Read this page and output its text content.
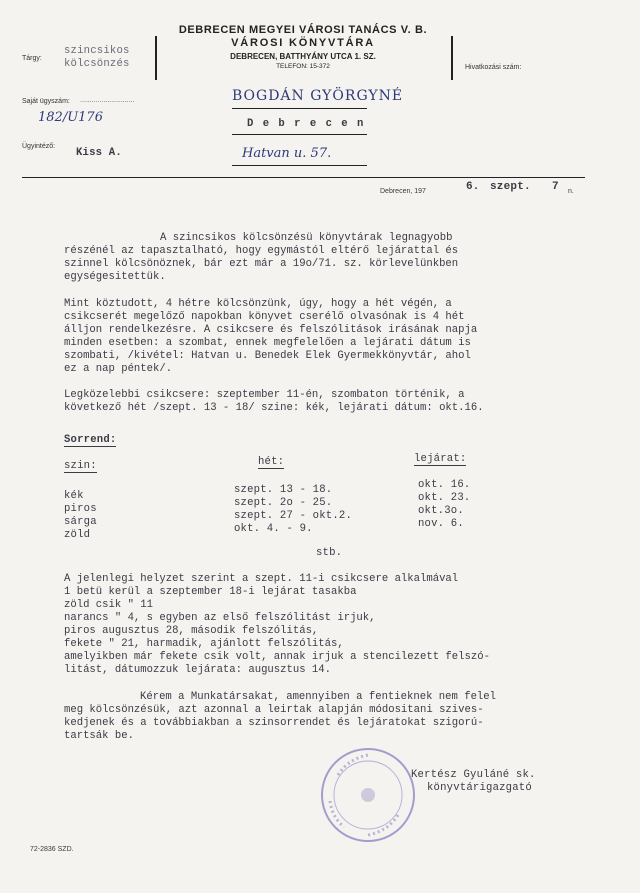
Tárgy:
szincsikos
kölcsönzés
DEBRECEN MEGYEI VÁROSI TANÁCS V. B.
VÁROSI KÖNYVTÁRA
DEBRECEN, BATTHYÁNY UTCA 1. SZ.
TELEFON: 15-372	Hivatkozási szám:
Saját ügyszám: ............................
182/U176
Ügyintéző:
Kiss A.
BOGDÁN GYÖRGYNÉ
D e b r e c e n
Hatvan u. 57.
Debrecen, 197	6. szept. 7 n.
A szincsikos kölcsönzésü könyvtárak legnagyobb
részénél az tapasztalható, hogy egymástól eltérő lejárattal és
szinnel kölcsönöznek, bár ezt már a 19o/71. sz. körlevelünkben
egységesitettük.
Mint köztudott, 4 hétre kölcsönzünk, úgy, hogy a hét végén, a
csikcserét megelőző napokban könyvet cserélő olvasónak is 4 hét
álljon rendelkezésre. A csikcsere és felszólitások irásának napja
minden esetben: a szombat, ennek megfelelően a lejárati dátum is
szombati, /kivétel: Hatvan u. Benedek Elek Gyermekkönyvtár, ahol
ez a nap péntek/.
Legközelebbi csikcsere: szeptember 11-én, szombaton történik, a
következő hét /szept. 13 - 18/ szine: kék, lejárati dátum: okt.16.
Sorrend:
szin:	hét:	lejárat:
kék	szept. 13 - 18.	okt. 16.
piros	szept. 2o - 25.	okt. 23.
sárga	szept. 27 - okt.2.	okt.3o.
zöld	okt. 4. - 9.	nov. 6.
stb.
A jelenlegi helyzet szerint a szept. 11-i csikcsere alkalmával
1 betü kerül a szeptember 18-i lejárat tasakba
zöld csik " 11
narancs " 4, s egyben az első felszólitást irjuk,
piros augusztus 28, második felszólitás,
fekete " 21, harmadik, ajánlott felszólitás,
amelyikben már fekete csik volt, annak irjuk a stencilezett felszó-
litást, dátumozzuk lejárata: augusztus 14.
Kérem a Munkatársakat, amennyiben a fentieknek nem felel
meg kölcsönzésük, azt azonnal a leirtak alapján módositani szives-
kedjenek és a továbbiakban a szinsorrendet és lejáratokat szigorú-
tartsák be.
Kertész Gyuláné sk.
könyvtárigazgató
72-2836 SZD.
